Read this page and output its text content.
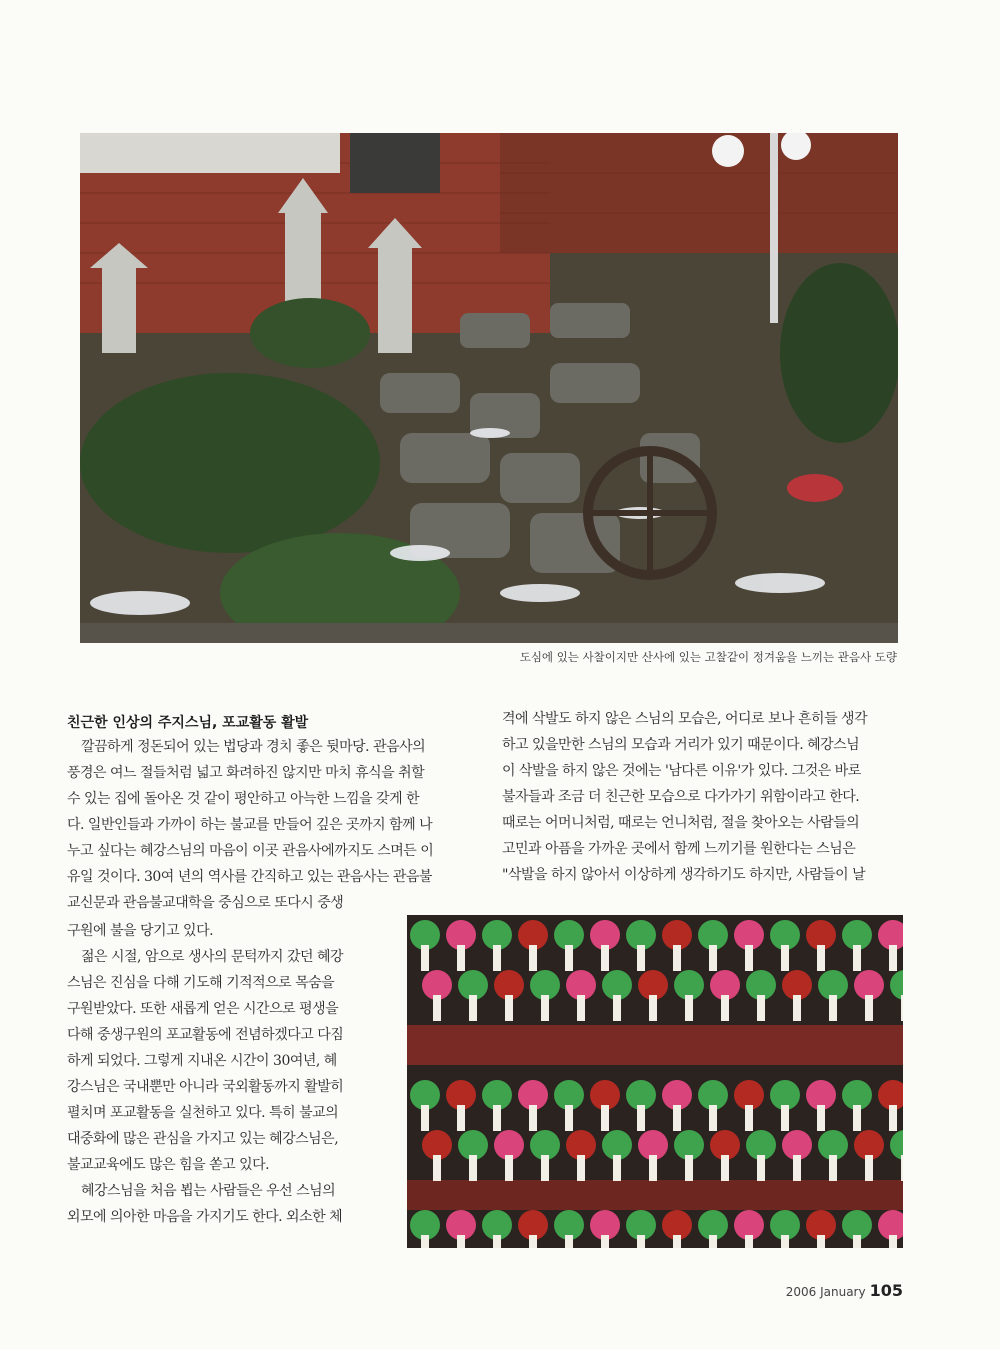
도심에 있는 사찰이지만 산사에 있는 고찰같이 정겨움을 느끼는 관음사 도량
친근한 인상의 주지스님, 포교활동 활발

깔끔하게 정돈되어 있는 법당과 경치 좋은 뒷마당. 관음사의

풍경은 여느 절들처럼 넓고 화려하진 않지만 마치 휴식을 취할

수 있는 집에 돌아온 것 같이 평안하고 아늑한 느낌을 갖게 한

다. 일반인들과 가까이 하는 불교를 만들어 깊은 곳까지 함께 나

누고 싶다는 혜강스님의 마음이 이곳 관음사에까지도 스며든 이

유일 것이다. 30여 년의 역사를 간직하고 있는 관음사는 관음불

교신문과 관음불교대학을 중심으로 또다시 중생

구원에 불을 당기고 있다.

젊은 시절, 암으로 생사의 문턱까지 갔던 혜강

스님은 진심을 다해 기도해 기적적으로 목숨을

구원받았다. 또한 새롭게 얻은 시간으로 평생을

다해 중생구원의 포교활동에 전념하겠다고 다짐

하게 되었다. 그렇게 지내온 시간이 30여년, 혜

강스님은 국내뿐만 아니라 국외활동까지 활발히

펼치며 포교활동을 실천하고 있다. 특히 불교의

대중화에 많은 관심을 가지고 있는 혜강스님은,

불교교육에도 많은 힘을 쏟고 있다.

혜강스님을 처음 뵙는 사람들은 우선 스님의

외모에 의아한 마음을 가지기도 한다. 외소한 체

격에 삭발도 하지 않은 스님의 모습은, 어디로 보나 흔히들 생각

하고 있을만한 스님의 모습과 거리가 있기 때문이다. 혜강스님

이 삭발을 하지 않은 것에는 '남다른 이유'가 있다. 그것은 바로

불자들과 조금 더 친근한 모습으로 다가가기 위함이라고 한다.

때로는 어머니처럼, 때로는 언니처럼, 절을 찾아오는 사람들의

고민과 아픔을 가까운 곳에서 함께 느끼기를 원한다는 스님은

"삭발을 하지 않아서 이상하게 생각하기도 하지만, 사람들이 날

2006 January 105
